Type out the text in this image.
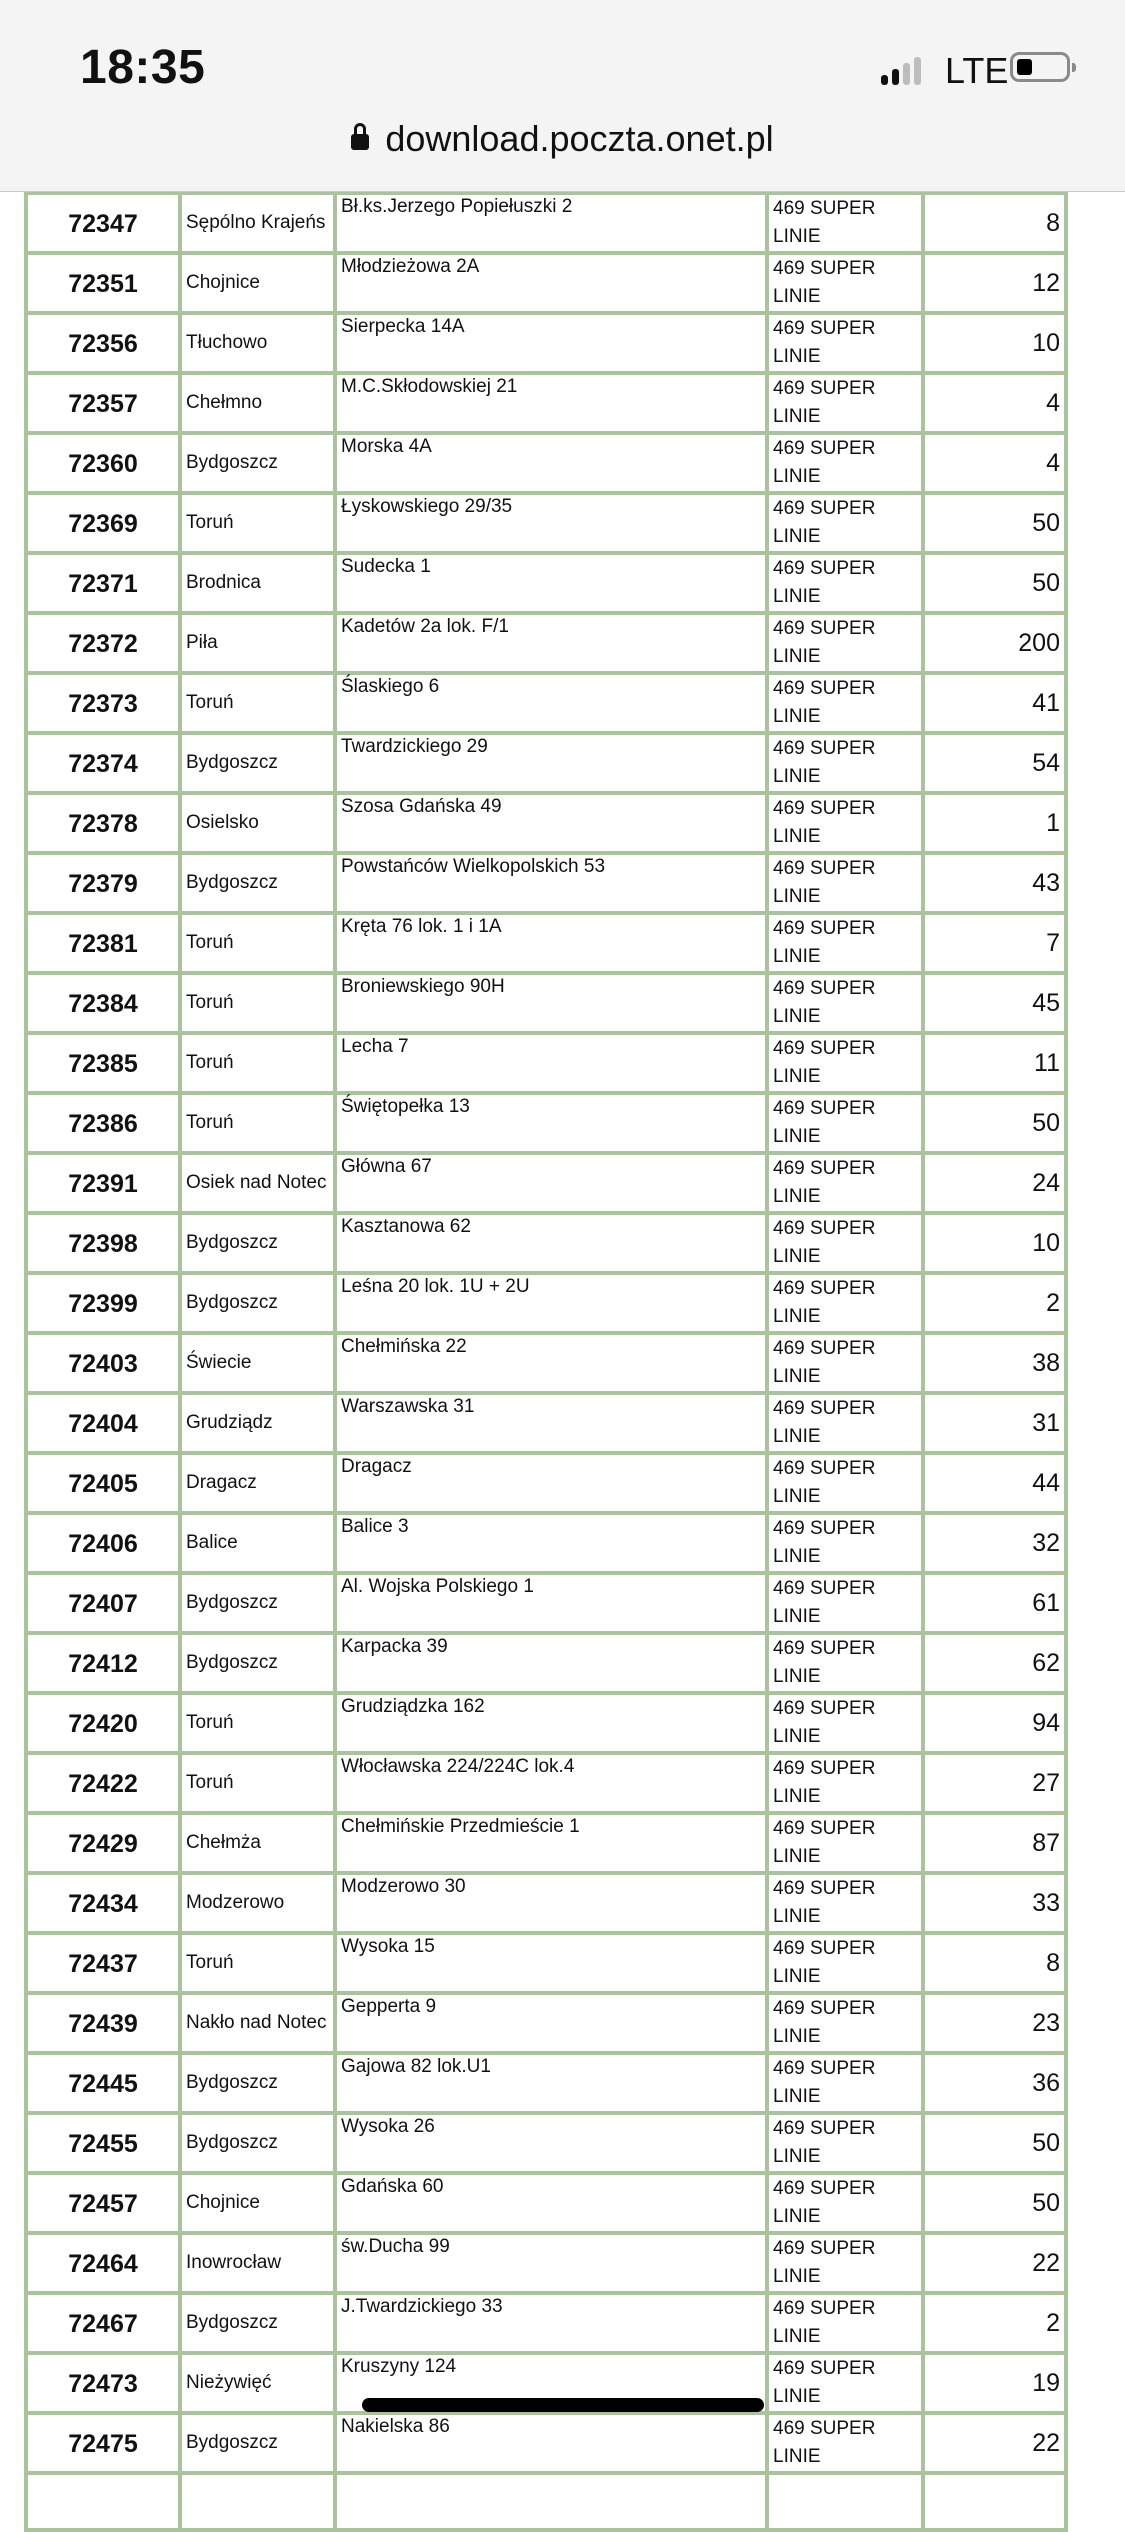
18:35	LTE
download.poczta.onet.pl

72347	Sępólno Krajeńs	Bł.ks.Jerzego Popiełuszki 2	469 SUPER LINIE	8
72351	Chojnice	Młodzieżowa 2A	469 SUPER LINIE	12
72356	Tłuchowo	Sierpecka 14A	469 SUPER LINIE	10
72357	Chełmno	M.C.Skłodowskiej 21	469 SUPER LINIE	4
72360	Bydgoszcz	Morska 4A	469 SUPER LINIE	4
72369	Toruń	Łyskowskiego 29/35	469 SUPER LINIE	50
72371	Brodnica	Sudecka 1	469 SUPER LINIE	50
72372	Piła	Kadetów 2a lok. F/1	469 SUPER LINIE	200
72373	Toruń	Ślaskiego 6	469 SUPER LINIE	41
72374	Bydgoszcz	Twardzickiego 29	469 SUPER LINIE	54
72378	Osielsko	Szosa Gdańska 49	469 SUPER LINIE	1
72379	Bydgoszcz	Powstańców Wielkopolskich 53	469 SUPER LINIE	43
72381	Toruń	Kręta 76 lok. 1 i 1A	469 SUPER LINIE	7
72384	Toruń	Broniewskiego 90H	469 SUPER LINIE	45
72385	Toruń	Lecha 7	469 SUPER LINIE	11
72386	Toruń	Świętopełka 13	469 SUPER LINIE	50
72391	Osiek nad Notec	Główna 67	469 SUPER LINIE	24
72398	Bydgoszcz	Kasztanowa 62	469 SUPER LINIE	10
72399	Bydgoszcz	Leśna 20 lok. 1U + 2U	469 SUPER LINIE	2
72403	Świecie	Chełmińska 22	469 SUPER LINIE	38
72404	Grudziądz	Warszawska 31	469 SUPER LINIE	31
72405	Dragacz	Dragacz	469 SUPER LINIE	44
72406	Balice	Balice 3	469 SUPER LINIE	32
72407	Bydgoszcz	Al. Wojska Polskiego 1	469 SUPER LINIE	61
72412	Bydgoszcz	Karpacka 39	469 SUPER LINIE	62
72420	Toruń	Grudziądzka 162	469 SUPER LINIE	94
72422	Toruń	Włocławska 224/224C lok.4	469 SUPER LINIE	27
72429	Chełmża	Chełmińskie Przedmieście 1	469 SUPER LINIE	87
72434	Modzerowo	Modzerowo 30	469 SUPER LINIE	33
72437	Toruń	Wysoka 15	469 SUPER LINIE	8
72439	Nakło nad Notec	Gepperta 9	469 SUPER LINIE	23
72445	Bydgoszcz	Gajowa 82 lok.U1	469 SUPER LINIE	36
72455	Bydgoszcz	Wysoka 26	469 SUPER LINIE	50
72457	Chojnice	Gdańska 60	469 SUPER LINIE	50
72464	Inowrocław	św.Ducha 99	469 SUPER LINIE	22
72467	Bydgoszcz	J.Twardzickiego 33	469 SUPER LINIE	2
72473	Nieżywięć	Kruszyny 124	469 SUPER LINIE	19
72475	Bydgoszcz	Nakielska 86	469 SUPER LINIE	22
